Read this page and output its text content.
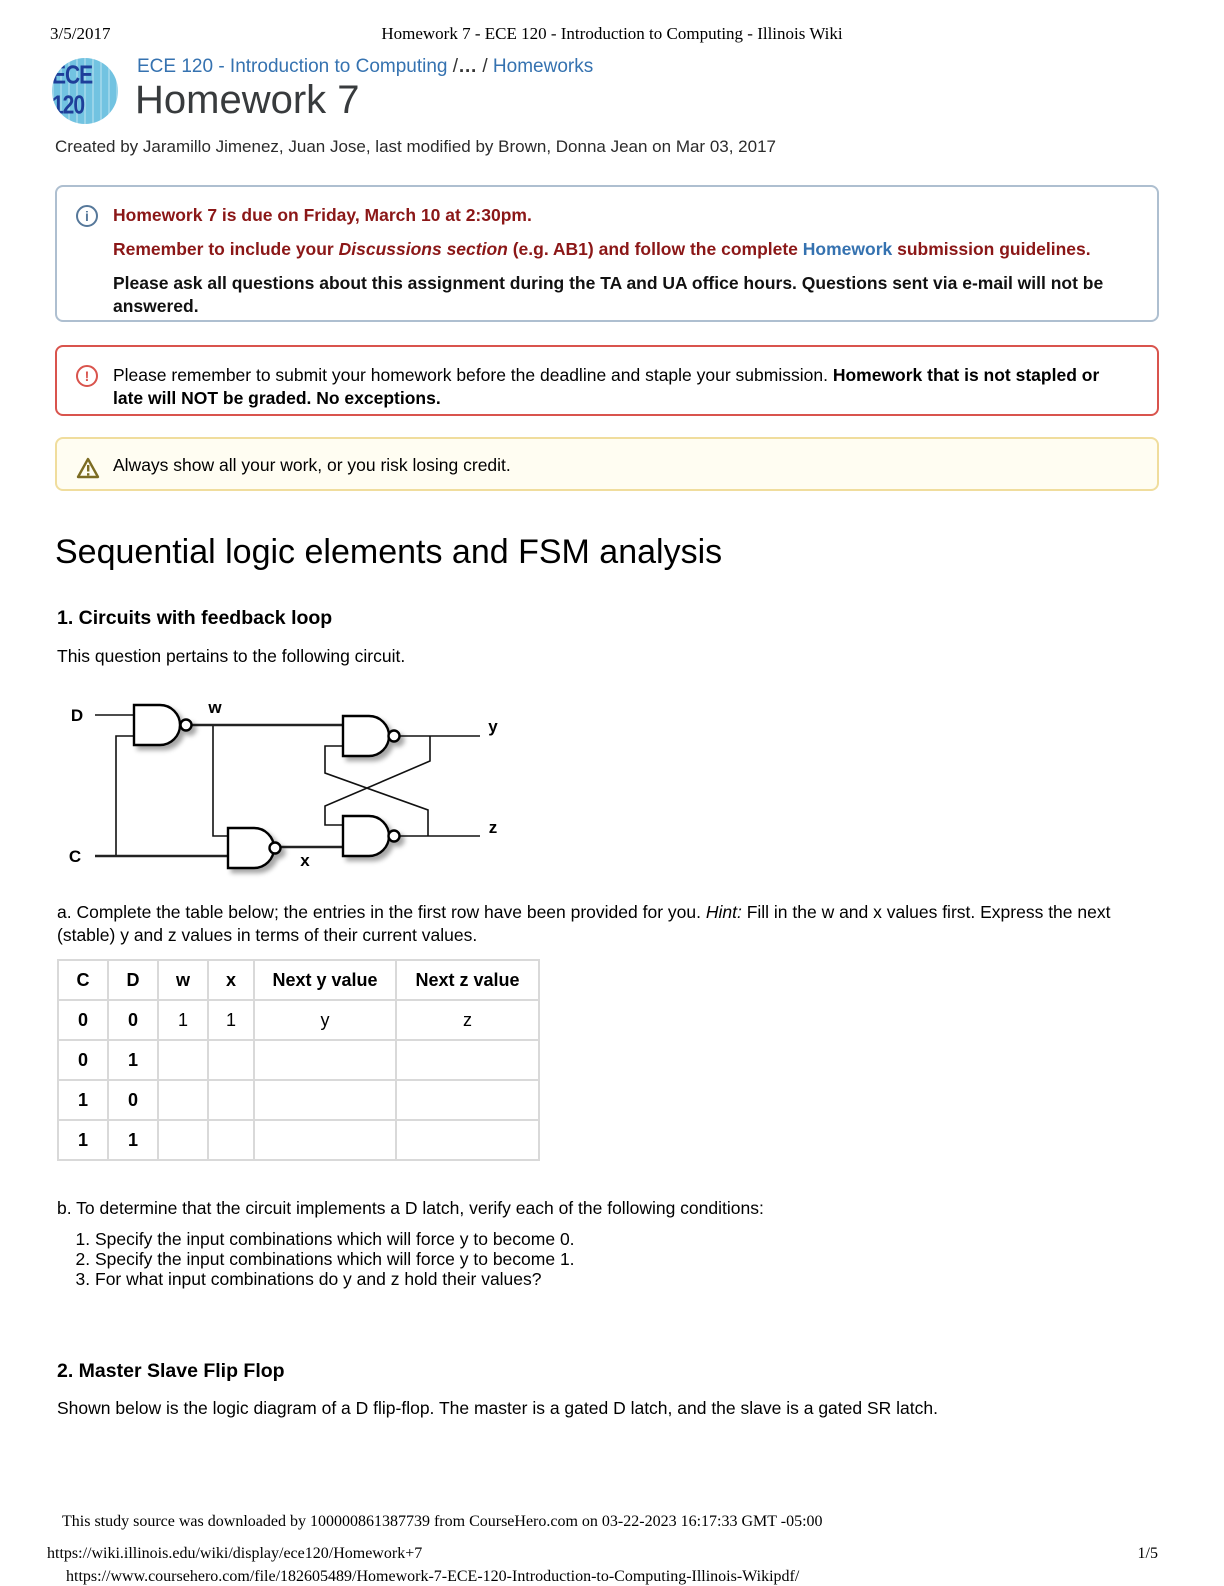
3/5/2017	Homework 7 - ECE 120 - Introduction to Computing - Illinois Wiki
ECE 120
ECE 120 - Introduction to Computing /… / Homeworks
Homework 7
Created by Jaramillo Jimenez, Juan Jose, last modified by Brown, Donna Jean on Mar 03, 2017
i	Homework 7 is due on Friday, March 10 at 2:30pm.

Remember to include your Discussions section (e.g. AB1) and follow the complete Homework submission guidelines.

Please ask all questions about this assignment during the TA and UA office hours. Questions sent via e-mail will not be answered.

!	Please remember to submit your homework before the deadline and staple your submission. Homework that is not stapled or late will NOT be graded. No exceptions.

Always show all your work, or you risk losing credit.

Sequential logic elements and FSM analysis
1. Circuits with feedback loop

This question pertains to the following circuit.

D
C
w
x
y
z

a. Complete the table below; the entries in the first row have been provided for you. Hint: Fill in the w and x values first. Express the next (stable) y and z values in terms of their current values.

C	D	w	x	Next y value	Next z value
0	0	1	1	y	z
0	1				
1	0				
1	1				

b. To determine that the circuit implements a D latch, verify each of the following conditions:

1. Specify the input combinations which will force y to become 0.
2. Specify the input combinations which will force y to become 1.
3. For what input combinations do y and z hold their values?
2. Master Slave Flip Flop

Shown below is the logic diagram of a D flip-flop. The master is a gated D latch, and the slave is a gated SR latch.

This study source was downloaded by 100000861387739 from CourseHero.com on 03-22-2023 16:17:33 GMT -05:00
https://wiki.illinois.edu/wiki/display/ece120/Homework+7	1/5
https://www.coursehero.com/file/182605489/Homework-7-ECE-120-Introduction-to-Computing-Illinois-Wikipdf/
